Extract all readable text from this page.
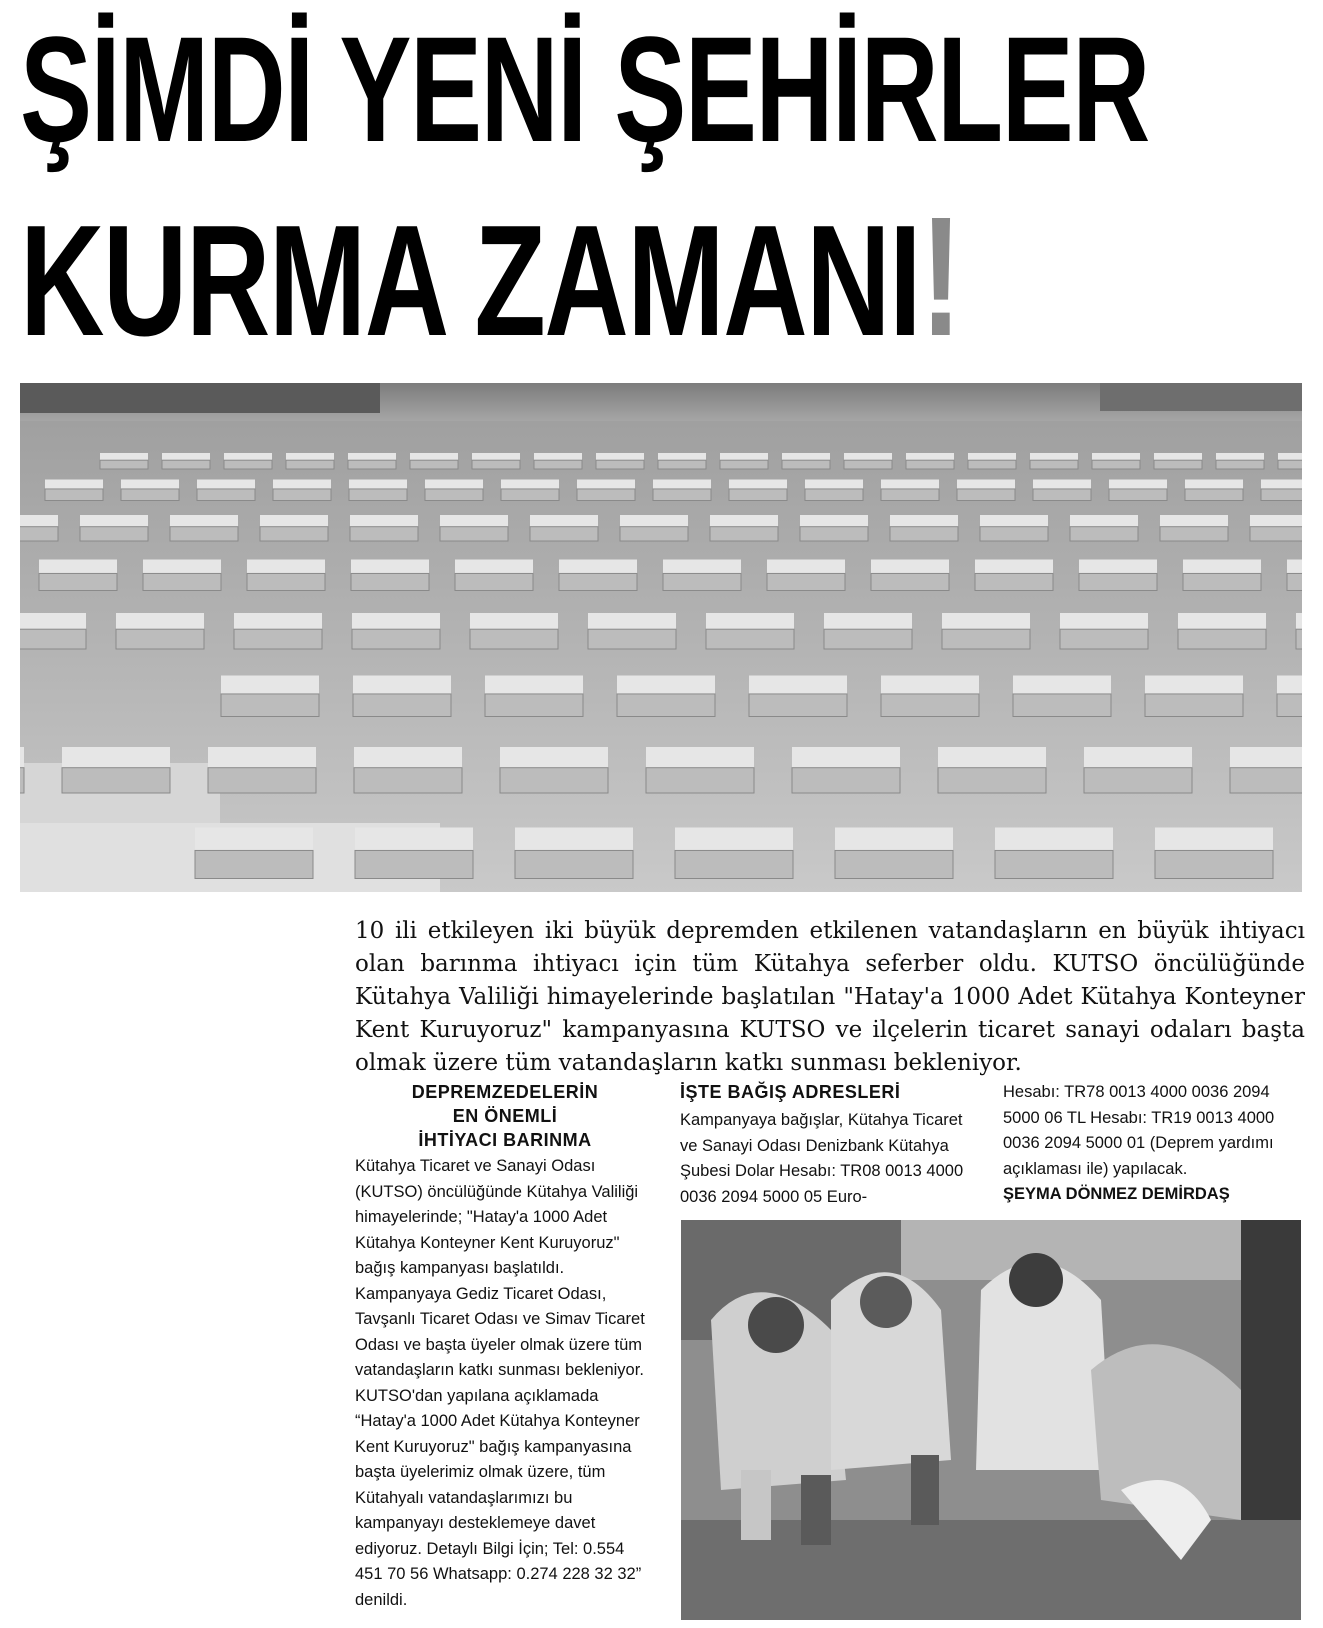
ŞİMDİ YENİ ŞEHİRLER
KURMA ZAMANI!
10 ili etkileyen iki büyük depremden etkilenen vatandaşların en büyük ihtiyacı olan barınma ihtiyacı için tüm Kütahya seferber oldu. KUTSO öncülüğünde Kütahya Valiliği himayelerinde başlatılan "Hatay'a 1000 Adet Kütahya Konteyner Kent Kuruyoruz" kampanyasına KUTSO ve ilçelerin ticaret sanayi odaları başta olmak üzere tüm vatandaşların katkı sunması bekleniyor.
DEPREMZEDELERİN
EN ÖNEMLİ
İHTİYACI BARINMA

Kütahya Ticaret ve Sanayi Odası (KUTSO) öncülüğünde Kütahya Valiliği himayelerinde; "Hatay'a 1000 Adet Kütahya Konteyner Kent Kuruyoruz" bağış kampanyası başlatıldı. Kampanyaya Gediz Ticaret Odası, Tavşanlı Ticaret Odası ve Simav Ticaret Odası ve başta üyeler olmak üzere tüm vatandaşların katkı sunması bekleniyor.

KUTSO'dan yapılana açıklamada “Hatay'a 1000 Adet Kütahya Konteyner Kent Kuruyoruz" bağış kampanyasına başta üyelerimiz olmak üzere, tüm Kütahyalı vatandaşlarımızı bu kampanyayı desteklemeye davet ediyoruz. Detaylı Bilgi İçin; Tel: 0.554 451 70 56 Whatsapp: 0.274 228 32 32” denildi.

İŞTE BAĞIŞ ADRESLERİ

Kampanyaya bağışlar, Kütahya Ticaret ve Sanayi Odası Denizbank Kütahya Şubesi Dolar Hesabı: TR08 0013 4000 0036 2094 5000 05 Euro-

Hesabı: TR78 0013 4000 0036 2094 5000 06 TL Hesabı: TR19 0013 4000 0036 2094 5000 01 (Deprem yardımı açıklaması ile) yapılacak.

ŞEYMA DÖNMEZ DEMİRDAŞ
